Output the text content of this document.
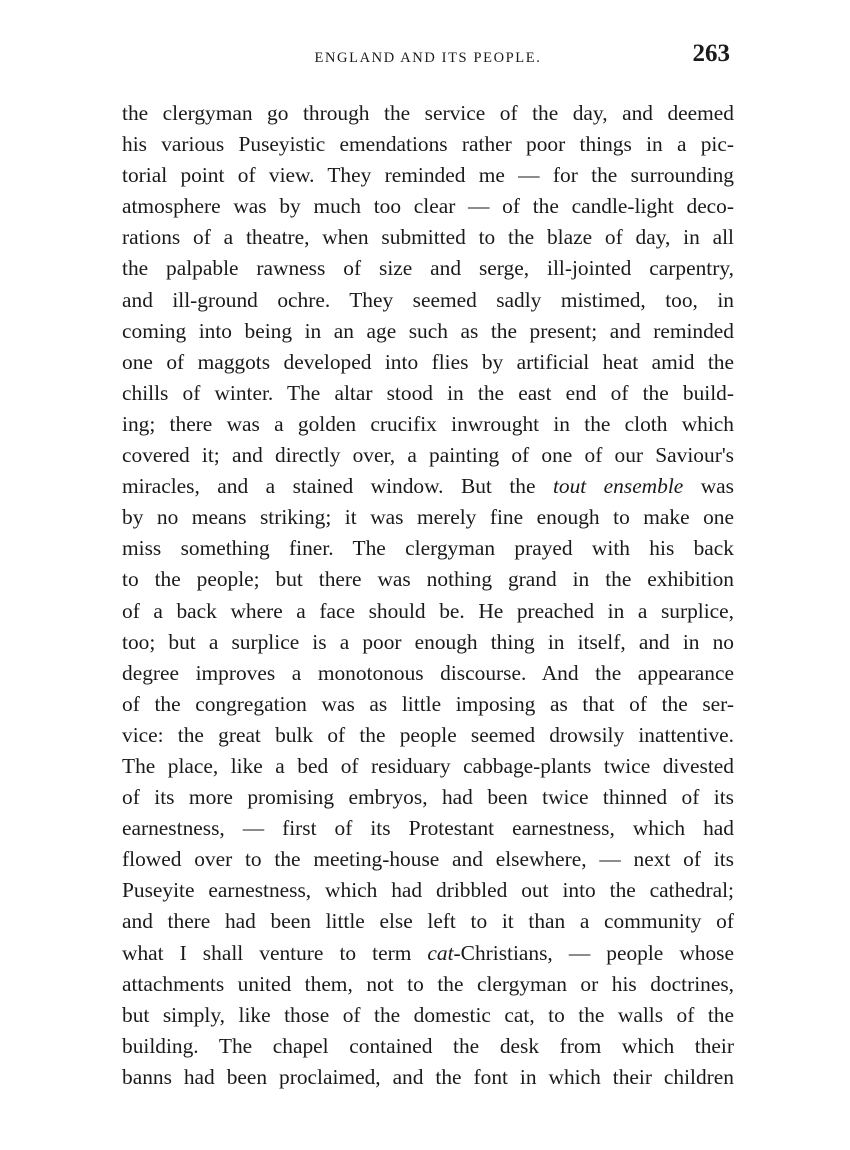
ENGLAND AND ITS PEOPLE.	263
the clergyman go through the service of the day, and deemed
his various Puseyistic emendations rather poor things in a pic-
torial point of view. They reminded me — for the surrounding
atmosphere was by much too clear — of the candle-light deco-
rations of a theatre, when submitted to the blaze of day, in all
the palpable rawness of size and serge, ill-jointed carpentry,
and ill-ground ochre. They seemed sadly mistimed, too, in
coming into being in an age such as the present; and reminded
one of maggots developed into flies by artificial heat amid the
chills of winter. The altar stood in the east end of the build-
ing; there was a golden crucifix inwrought in the cloth which
covered it; and directly over, a painting of one of our Saviour's
miracles, and a stained window. But the tout ensemble was
by no means striking; it was merely fine enough to make one
miss something finer. The clergyman prayed with his back
to the people; but there was nothing grand in the exhibition
of a back where a face should be. He preached in a surplice,
too; but a surplice is a poor enough thing in itself, and in no
degree improves a monotonous discourse. And the appearance
of the congregation was as little imposing as that of the ser-
vice: the great bulk of the people seemed drowsily inattentive.
The place, like a bed of residuary cabbage-plants twice divested
of its more promising embryos, had been twice thinned of its
earnestness, — first of its Protestant earnestness, which had
flowed over to the meeting-house and elsewhere, — next of its
Puseyite earnestness, which had dribbled out into the cathedral;
and there had been little else left to it than a community of
what I shall venture to term cat-Christians, — people whose
attachments united them, not to the clergyman or his doctrines,
but simply, like those of the domestic cat, to the walls of the
building. The chapel contained the desk from which their
banns had been proclaimed, and the font in which their children
